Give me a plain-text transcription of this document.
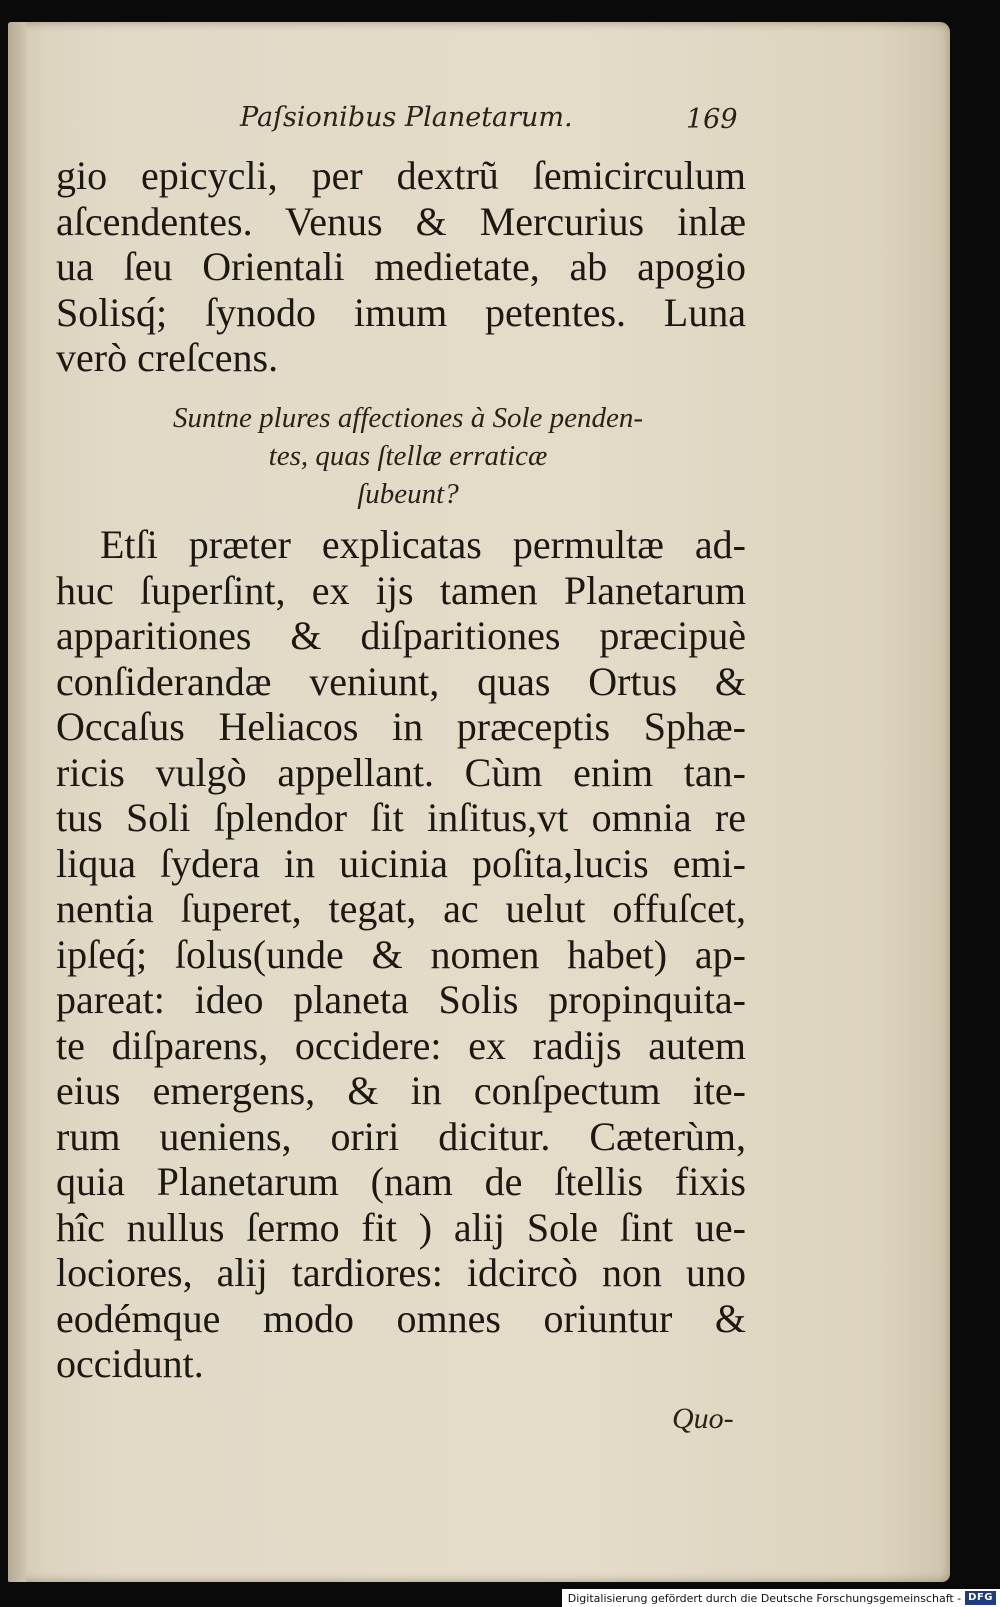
Paſsionibus Planetarum.	169
gio epicycli, per dextrũ ſemicirculum
aſcendentes. Venus & Mercurius inlæ
ua ſeu Orientali medietate, ab apogio
Solisq́; ſynodo imum petentes. Luna
verò creſcens.
Suntne plures affectiones à Sole penden-
tes, quas ſtellæ erraticæ
ſubeunt?
Etſi præter explicatas permultæ ad-
huc ſuperſint, ex ijs tamen Planetarum
apparitiones & diſparitiones præcipuè
conſiderandæ veniunt, quas Ortus &
Occaſus Heliacos in præceptis Sphæ-
ricis vulgò appellant. Cùm enim tan-
tus Soli ſplendor ſit inſitus,vt omnia re
liqua ſydera in uicinia poſita,lucis emi-
nentia ſuperet, tegat, ac uelut offuſcet,
ipſeq́; ſolus(unde & nomen habet) ap-
pareat: ideo planeta Solis propinquita-
te diſparens, occidere: ex radijs autem
eius emergens, & in conſpectum ite-
rum ueniens, oriri dicitur. Cæterùm,
quia Planetarum (nam de ſtellis fixis
hîc nullus ſermo fit ) alij Sole ſint ue-
lociores, alij tardiores: idcircò non uno
eodémque modo omnes oriuntur &
occidunt.
Quo-
Digitalisierung gefördert durch die Deutsche Forschungsgemeinschaft - DFG
